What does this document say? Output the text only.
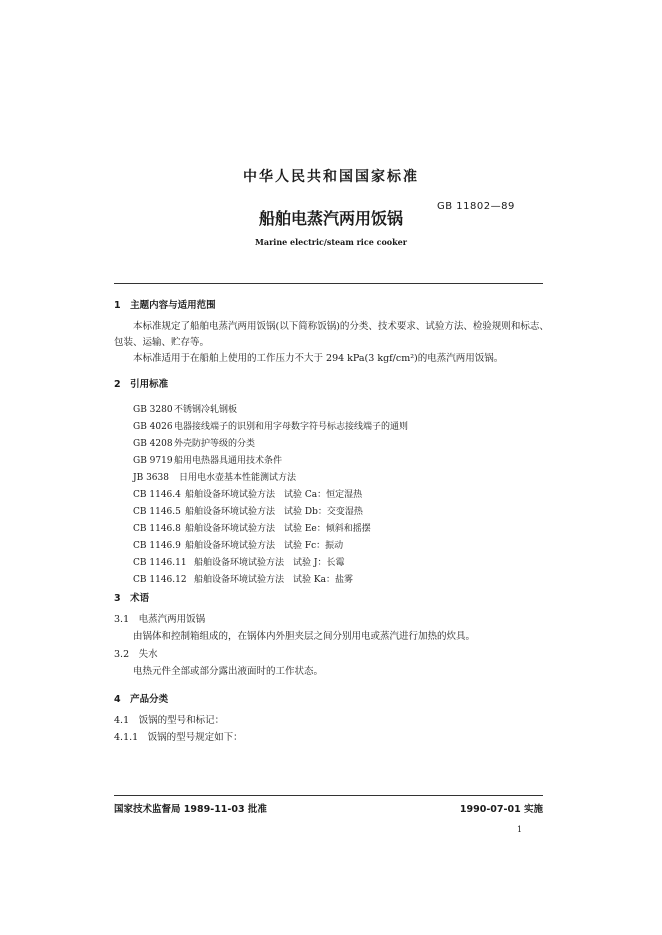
中华人民共和国国家标准
GB 11802—89
船舶电蒸汽两用饭锅
Marine electric/steam rice cooker
1　主题内容与适用范围
本标准规定了船舶电蒸汽两用饭锅(以下简称饭锅)的分类、技术要求、试验方法、检验规则和标志、
包装、运输、贮存等。
本标准适用于在船舶上使用的工作压力不大于 294 kPa(3 kgf/cm²)的电蒸汽两用饭锅。
2　引用标准
GB 3280不锈钢冷轧钢板
GB 4026电器接线端子的识别和用字母数字符号标志接线端子的通则
GB 4208外壳防护等级的分类
GB 9719船用电热器具通用技术条件
JB 3638 日用电水壶基本性能测试方法
CB 1146.4 船舶设备环境试验方法　试验 Ca：恒定湿热
CB 1146.5 船舶设备环境试验方法　试验 Db：交变湿热
CB 1146.8 船舶设备环境试验方法　试验 Ee：倾斜和摇摆
CB 1146.9 船舶设备环境试验方法　试验 Fc：振动
CB 1146.11 船舶设备环境试验方法　试验 J：长霉
CB 1146.12 船舶设备环境试验方法　试验 Ka：盐雾
3　术语
3.1　电蒸汽两用饭锅
由锅体和控制箱组成的，在锅体内外胆夹层之间分别用电或蒸汽进行加热的炊具。
3.2　失水
电热元件全部或部分露出液面时的工作状态。
4　产品分类
4.1　饭锅的型号和标记：
4.1.1　饭锅的型号规定如下：
国家技术监督局 1989-11-03 批准	1990-07-01 实施
1
